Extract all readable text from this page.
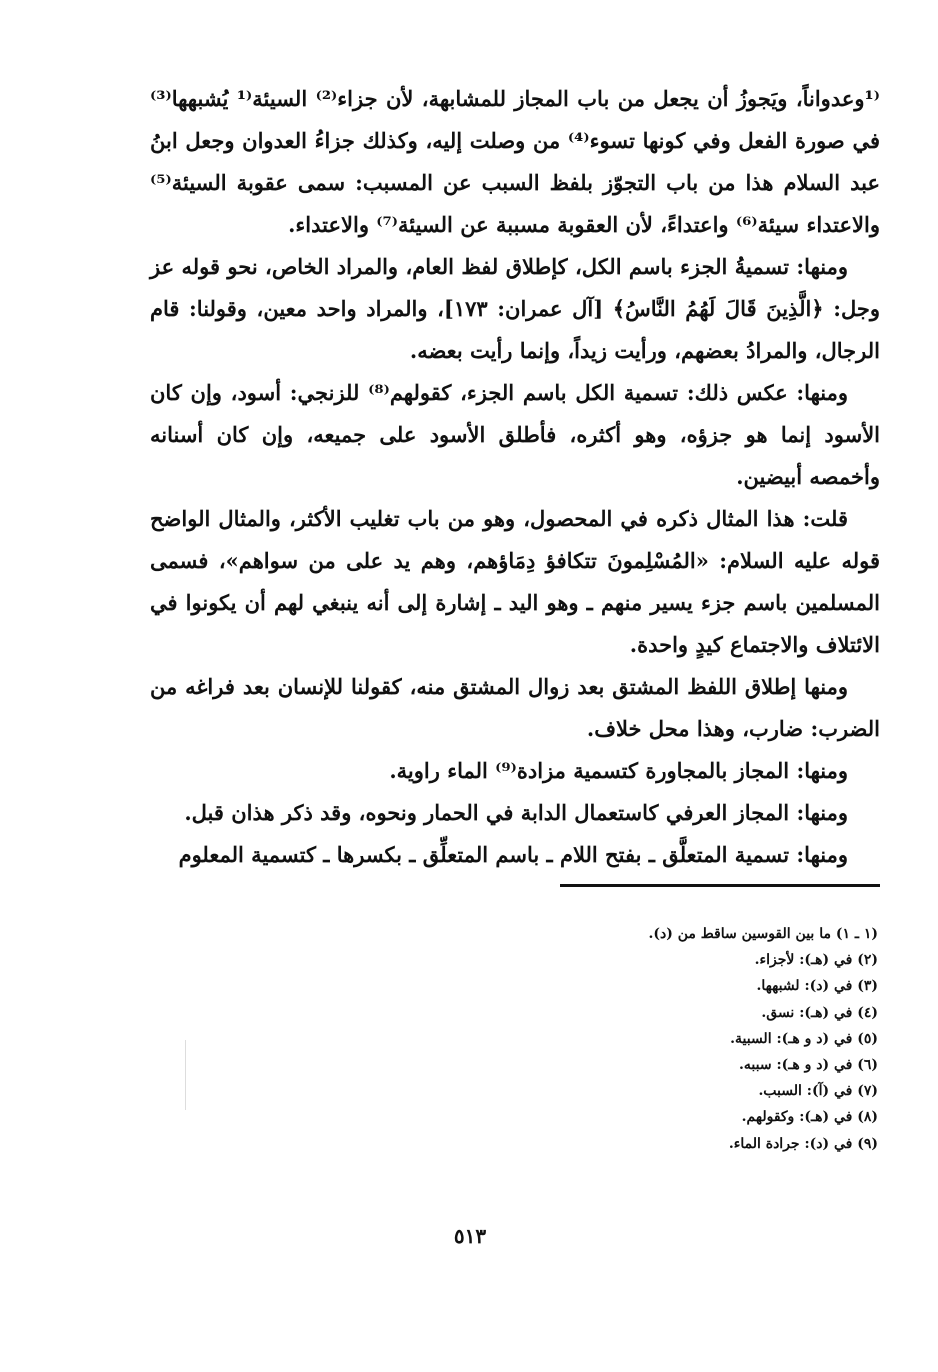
⁽¹وعدواناً، ويَجوزُ أن يجعل من باب المجاز للمشابهة، لأن جزاء⁽²⁾ السيئة⁽¹ يُشبهها⁽³⁾ في صورة الفعل وفي كونها تسوء⁽⁴⁾ من وصلت إليه، وكذلك جزاءُ العدوان وجعل ابنُ عبد السلام هذا من باب التجوّز بلفظ السبب عن المسبب: سمى عقوبة السيئة⁽⁵⁾ والاعتداء سيئة⁽⁶⁾ واعتداءً، لأن العقوبة مسببة عن السيئة⁽⁷⁾ والاعتداء.

ومنها: تسميةُ الجزء باسم الكل، كإطلاق لفظ العام، والمراد الخاص، نحو قوله عز وجل: ﴿الَّذِينَ قَالَ لَهُمُ النَّاسُ﴾ [آل عمران: ١٧٣]، والمراد واحد معين، وقولنا: قام الرجال، والمرادُ بعضهم، ورأيت زيداً، وإنما رأيت بعضه.

ومنها: عكس ذلك: تسمية الكل باسم الجزء، كقولهم⁽⁸⁾ للزنجي: أسود، وإن كان الأسود إنما هو جزؤه، وهو أكثره، فأطلق الأسود على جميعه، وإن كان أسنانه وأخمصه أبيضين.

قلت: هذا المثال ذكره في المحصول، وهو من باب تغليب الأكثر، والمثال الواضح قوله عليه السلام: «المُسْلِمونَ تتكافؤ دِمَاؤهم، وهم يد على من سواهم»، فسمى المسلمين باسم جزء يسير منهم ـ وهو اليد ـ إشارة إلى أنه ينبغي لهم أن يكونوا في الائتلاف والاجتماع كيدٍ واحدة.

ومنها إطلاق اللفظ المشتق بعد زوال المشتق منه، كقولنا للإنسان بعد فراغه من الضرب: ضارب، وهذا محل خلاف.

ومنها: المجاز بالمجاورة كتسمية مزادة⁽⁹⁾ الماء راوية.

ومنها: المجاز العرفي كاستعمال الدابة في الحمار ونحوه، وقد ذكر هذان قبل.

ومنها: تسمية المتعلَّق ـ بفتح اللام ـ باسم المتعلِّق ـ بكسرها ـ كتسمية المعلوم

(١ ـ ١) ما بين القوسين ساقط من (د).
(٢) في (هـ): لأجزاء.
(٣) في (د): لشبهها.
(٤) في (هـ): نسق.
(٥) في (د و هـ): السبية.
(٦) في (د و هـ): سببه.
(٧) في (آ): السبب.
(٨) في (هـ): وكقولهم.
(٩) في (د): جرادة الماء.
٥١٣
